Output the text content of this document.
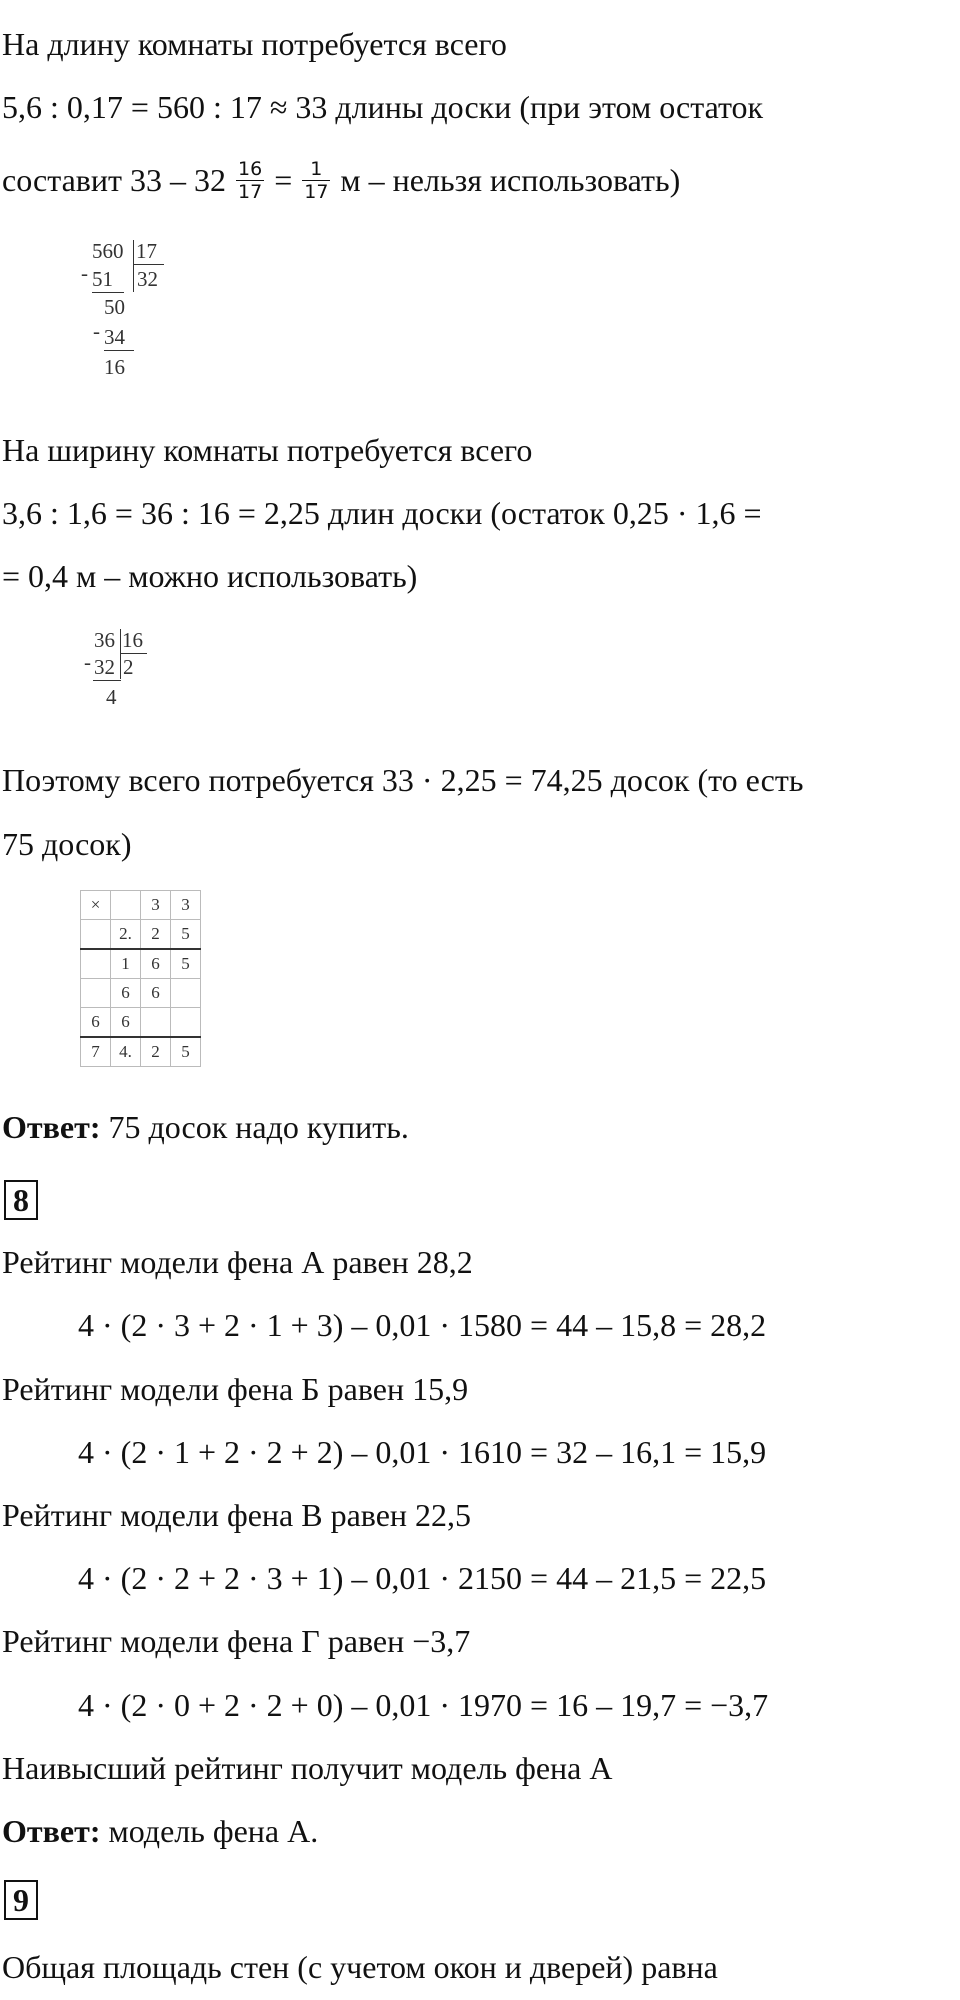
На длину комнаты потребуется всего
5,6 : 0,17 = 560 : 17 ≈ 33 длины доски (при этом остаток
составит $33 - 32 \frac{16}{17} = \frac{1}{17}$ м – нельзя использовать)
560 17
- 51 32
50
- 34
16
На ширину комнаты потребуется всего
3,6 : 1,6 = 36 : 16 = 2,25 длин доски (остаток 0,25 · 1,6 =
= 0,4 м – можно использовать)
36 16
- 32 2
4
Поэтому всего потребуется 33 · 2,25 = 74,25 досок (то есть
75 досок)
×		3	3
	2.	2	5
	1	6	5
	6	6	
6	6		
7	4.	2	5
Ответ: 75 досок надо купить.
8
Рейтинг модели фена А равен 28,2
4 · (2 · 3 + 2 · 1 + 3) – 0,01 · 1580 = 44 – 15,8 = 28,2
Рейтинг модели фена Б равен 15,9
4 · (2 · 1 + 2 · 2 + 2) – 0,01 · 1610 = 32 – 16,1 = 15,9
Рейтинг модели фена В равен 22,5
4 · (2 · 2 + 2 · 3 + 1) – 0,01 · 2150 = 44 – 21,5 = 22,5
Рейтинг модели фена Г равен −3,7
4 · (2 · 0 + 2 · 2 + 0) – 0,01 · 1970 = 16 – 19,7 = −3,7
Наивысший рейтинг получит модель фена А
Ответ: модель фена А.
9
Общая площадь стен (с учетом окон и дверей) равна
